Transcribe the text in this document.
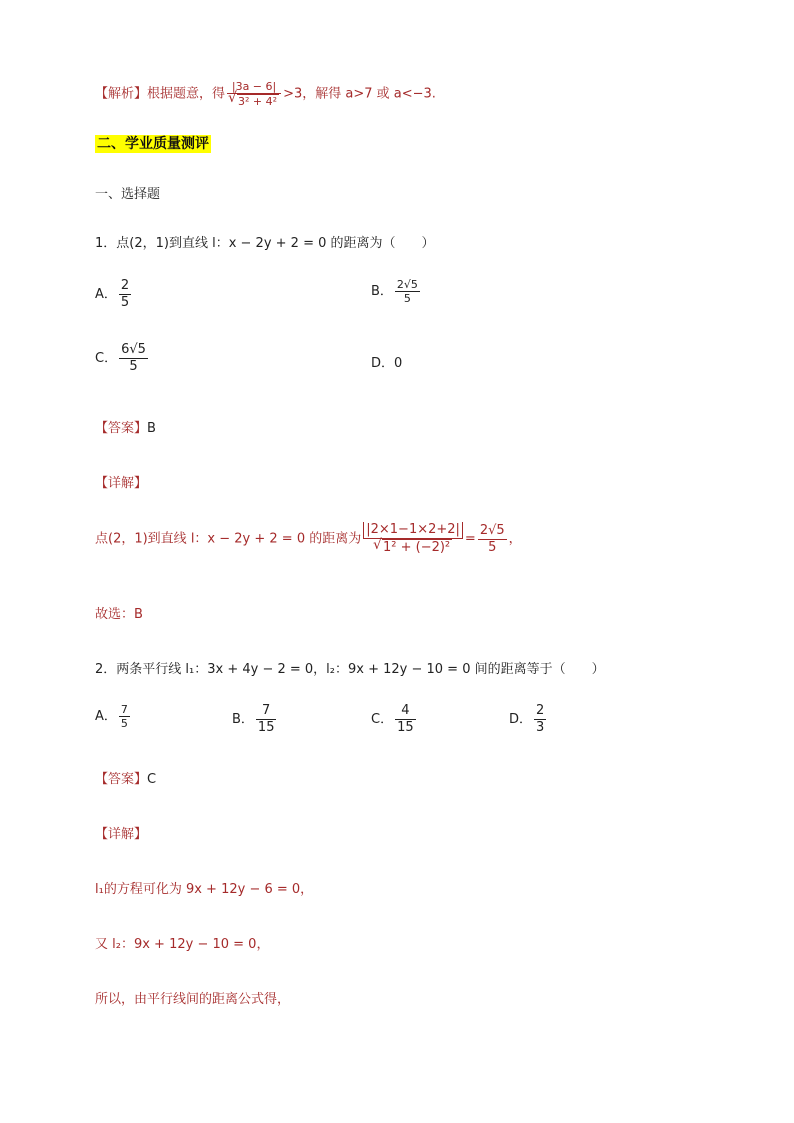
【解析】根据题意，得 |3a − 6|
√ 3² + 4² >3，解得 a>7 或 a<−3.
二、学业质量测评
一、选择题
1．点(2，1)到直线 l：x − 2y + 2 = 0 的距离为（　　）
A． $\frac{2}{5}$	B． $\frac{2√5}{5}$
C． $\frac{6√5}{5}$	D．0
【答案】B
【详解】
点(2，1)到直线 l：x − 2y + 2 = 0 的距离为 |2×1−1×2+2|
√ $1^2 + (-2)^2 = \frac{2√5}{5}$ ，
故选：B
2．两条平行线 l₁：3x + 4y − 2 = 0，l₂：9x + 12y − 10 = 0 间的距离等于（　　）
A． $\frac{7}{5}$	B． $\frac{7}{15}$	C． $\frac{4}{15}$	D． $\frac{2}{3}$
【答案】C
【详解】
l₁的方程可化为 9x + 12y − 6 = 0，
又 l₂：9x + 12y − 10 = 0，
所以，由平行线间的距离公式得，
